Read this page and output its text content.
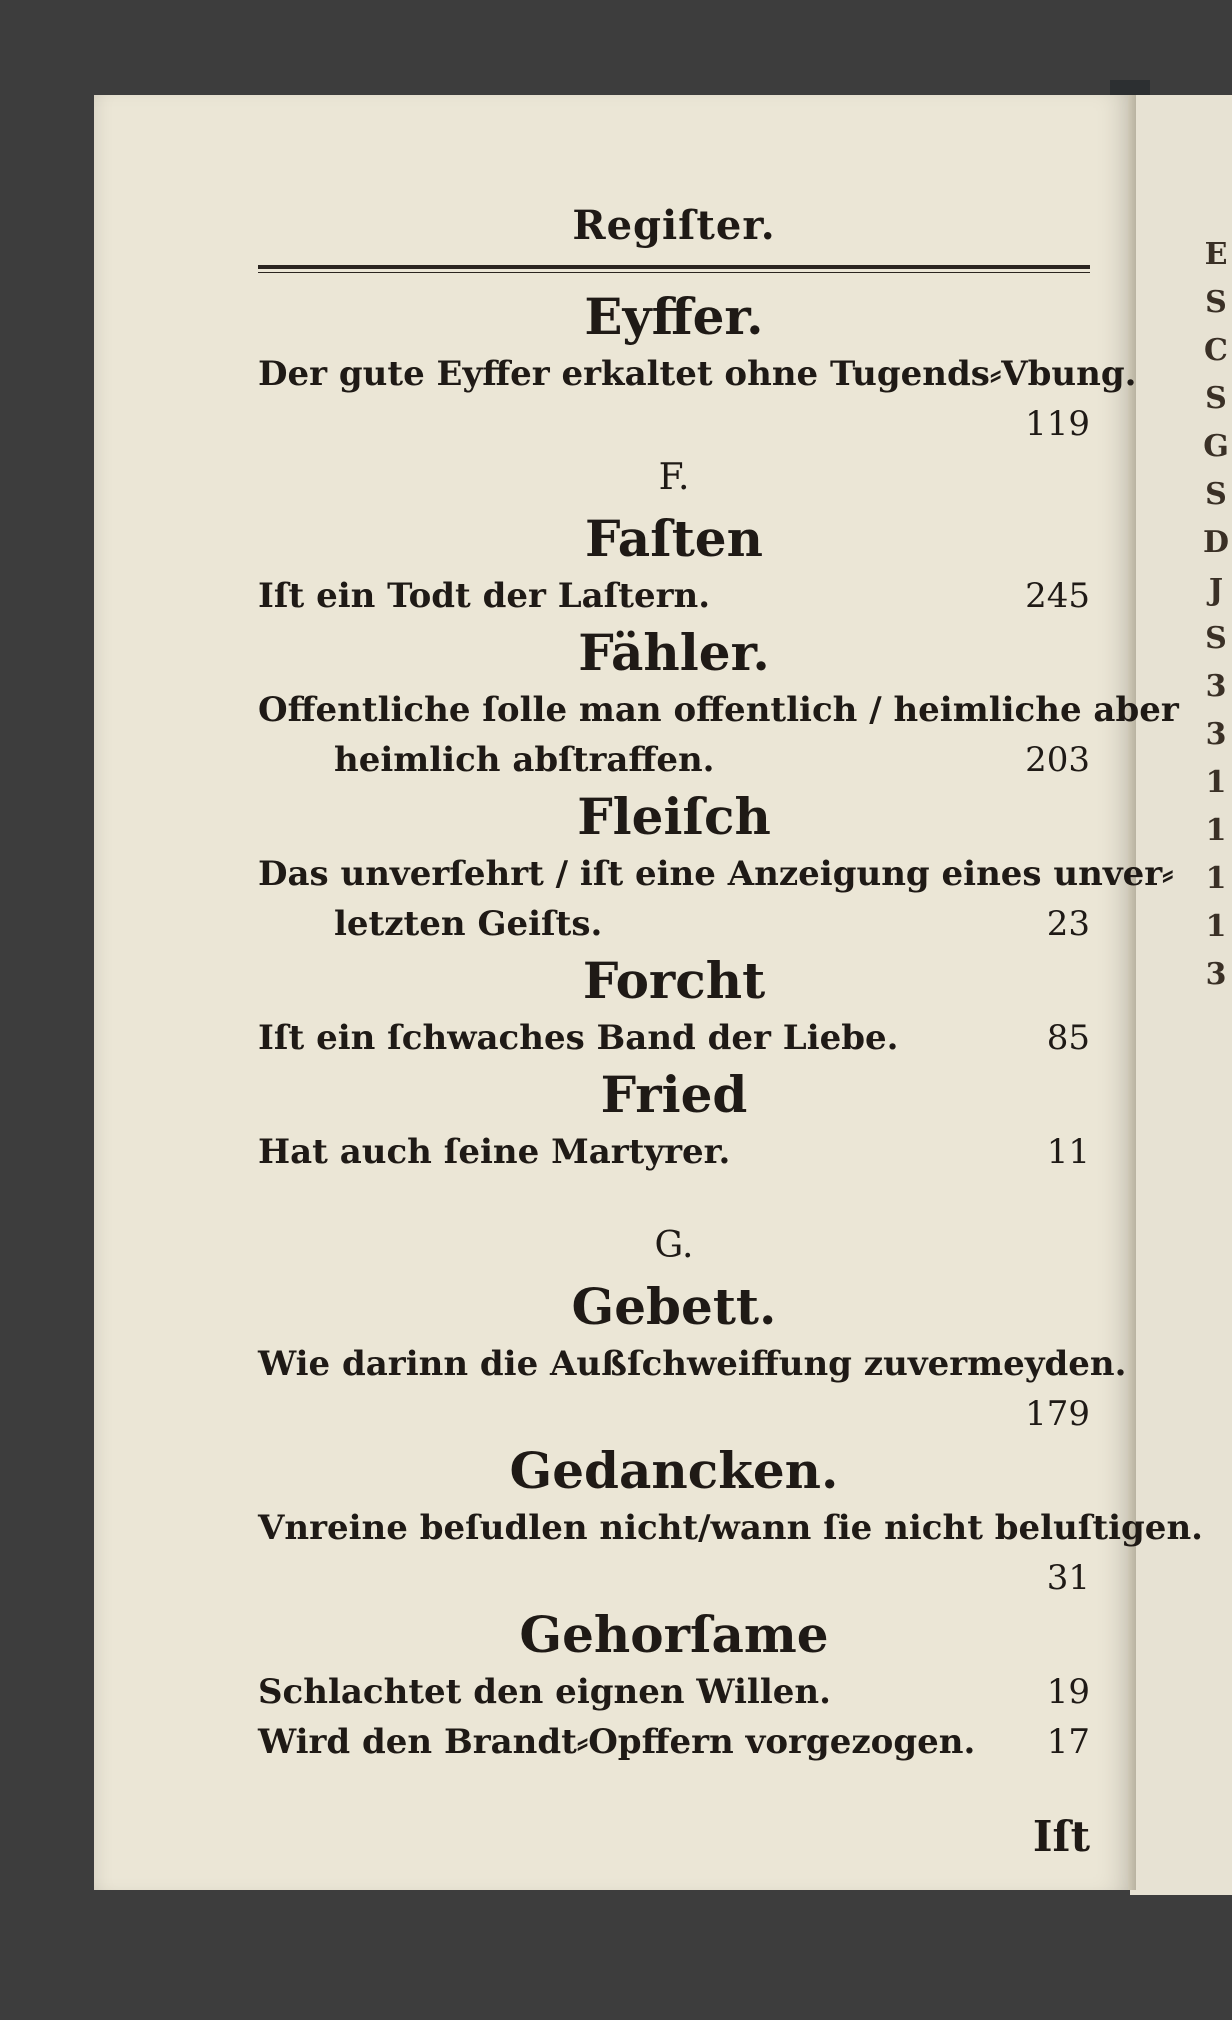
E
S
C
S
G
S
D
J
S
3
3
1
1
1
1
3

Regiſter.

Eyffer.

Der gute Eyffer erkaltet ohne Tugends⸗Vbung.

119

F.

Faſten

Iſt ein Todt der Laſtern.	245

Fähler.

Offentliche ſolle man offentlich / heimliche aber

heimlich abſtraffen.	203

Fleiſch

Das unverſehrt / iſt eine Anzeigung eines unver⸗

letzten Geiſts.	23

Forcht

Iſt ein ſchwaches Band der Liebe.	85

Fried

Hat auch ſeine Martyrer.	11

G.

Gebett.

Wie darinn die Außſchweiffung zuvermeyden.

179

Gedancken.

Vnreine beſudlen nicht/wann ſie nicht beluſtigen.

31

Gehorſame

Schlachtet den eignen Willen.	19

Wird den Brandt⸗Opffern vorgezogen. 17

Iſt
